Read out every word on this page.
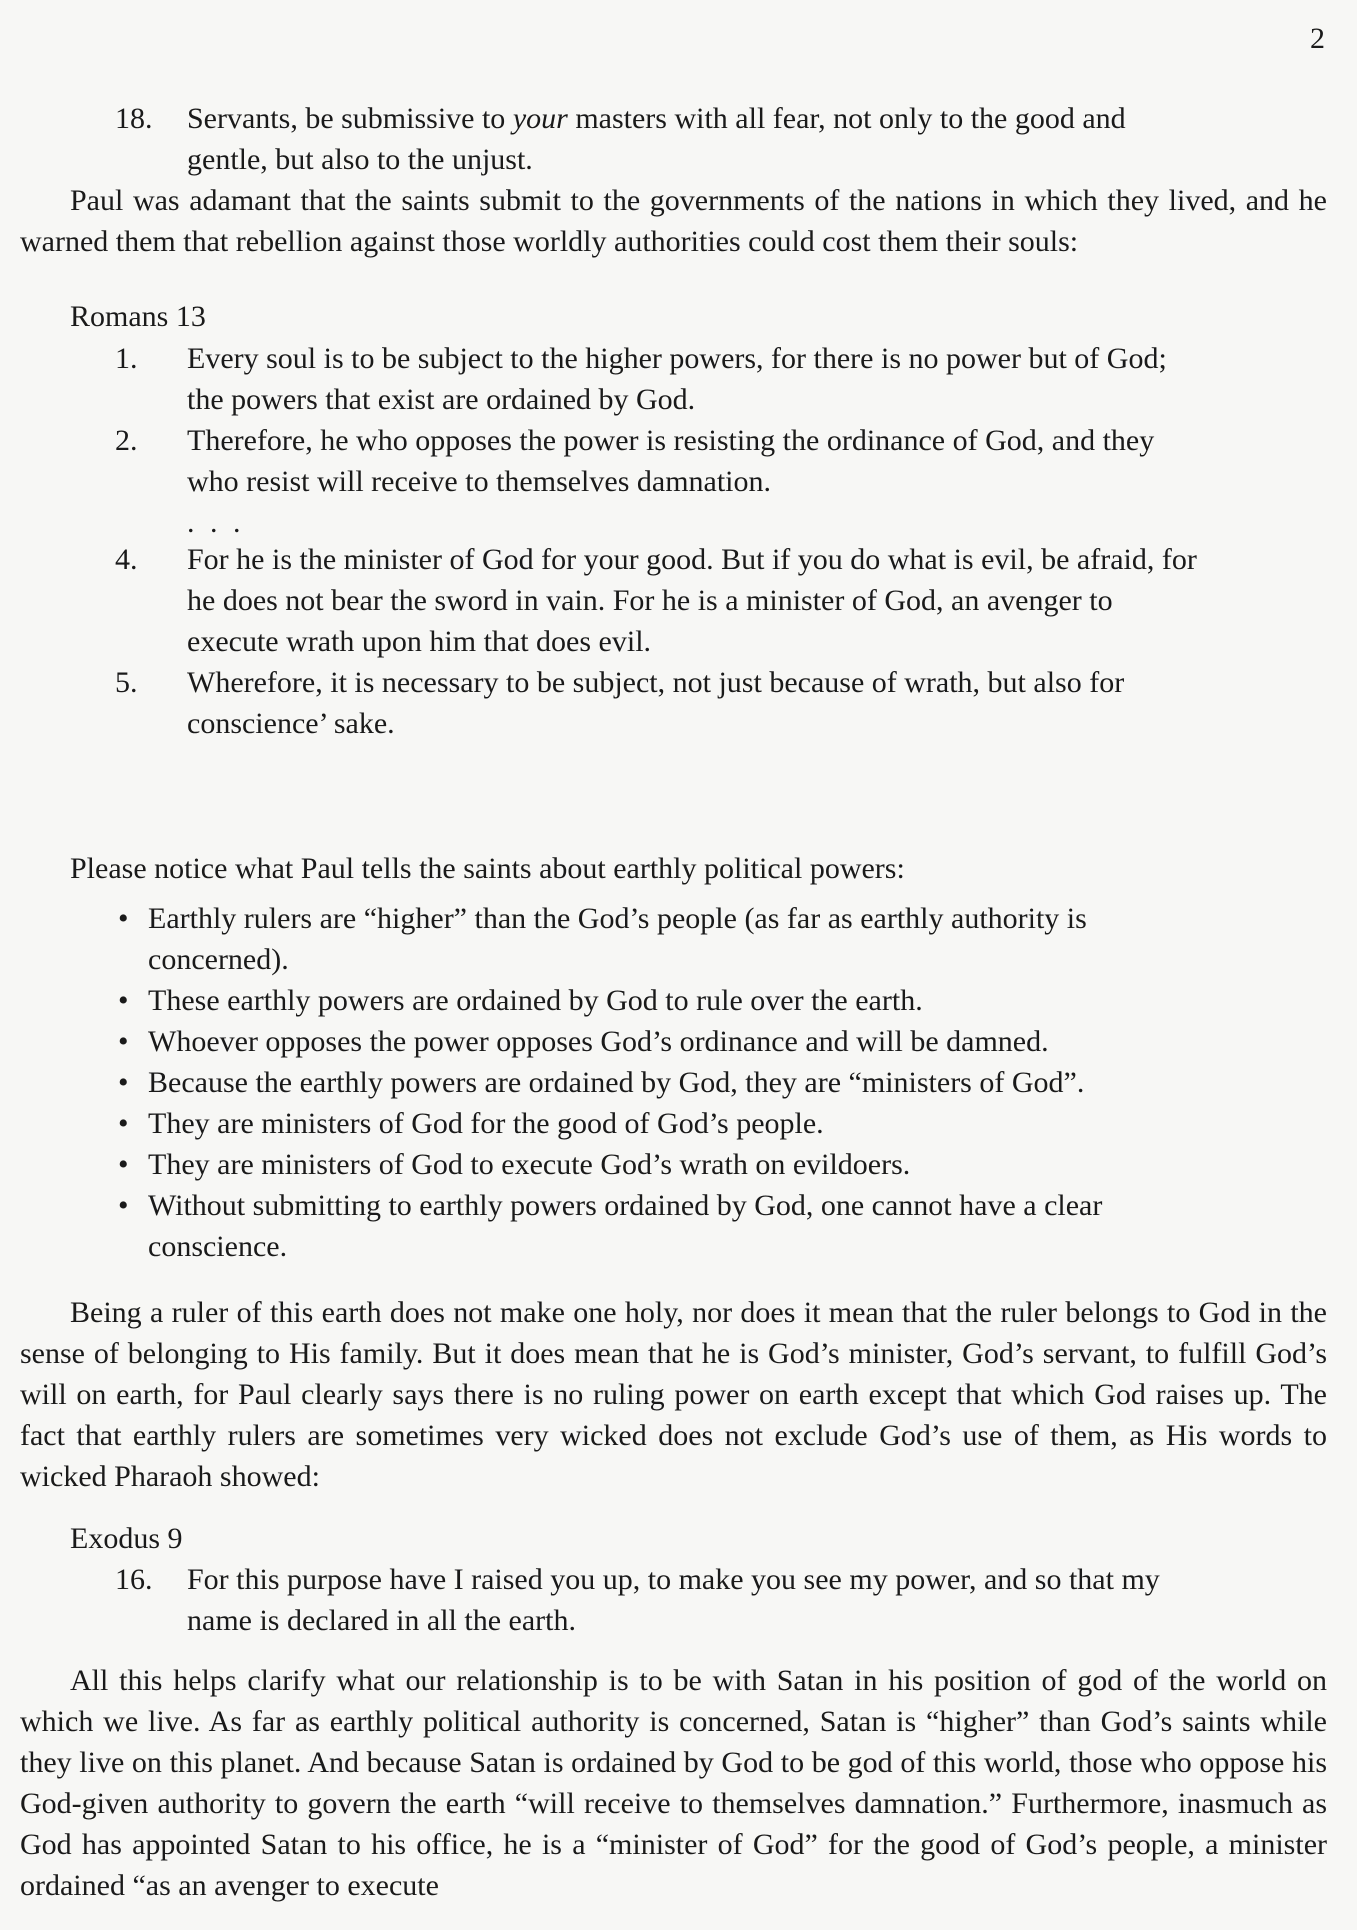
2
18.	Servants, be submissive to your masters with all fear, not only to the good and gentle, but also to the unjust.

Paul was adamant that the saints submit to the governments of the nations in which they lived, and he warned them that rebellion against those worldly authorities could cost them their souls:

Romans 13

1.	Every soul is to be subject to the higher powers, for there is no power but of God; the powers that exist are ordained by God.
2.	Therefore, he who opposes the power is resisting the ordinance of God, and they who resist will receive to themselves damnation.

. . .

4.	For he is the minister of God for your good. But if you do what is evil, be afraid, for he does not bear the sword in vain. For he is a minister of God, an avenger to execute wrath upon him that does evil.
5.	Wherefore, it is necessary to be subject, not just because of wrath, but also for conscience’ sake.

Please notice what Paul tells the saints about earthly political powers:

• Earthly rulers are “higher” than the God’s people (as far as earthly authority is concerned).
• These earthly powers are ordained by God to rule over the earth.
• Whoever opposes the power opposes God’s ordinance and will be damned.
• Because the earthly powers are ordained by God, they are “ministers of God”.
• They are ministers of God for the good of God’s people.
• They are ministers of God to execute God’s wrath on evildoers.
• Without submitting to earthly powers ordained by God, one cannot have a clear conscience.

Being a ruler of this earth does not make one holy, nor does it mean that the ruler belongs to God in the sense of belonging to His family. But it does mean that he is God’s minister, God’s servant, to fulfill God’s will on earth, for Paul clearly says there is no ruling power on earth except that which God raises up. The fact that earthly rulers are sometimes very wicked does not exclude God’s use of them, as His words to wicked Pharaoh showed:

Exodus 9

16.	For this purpose have I raised you up, to make you see my power, and so that my name is declared in all the earth.

All this helps clarify what our relationship is to be with Satan in his position of god of the world on which we live. As far as earthly political authority is concerned, Satan is “higher” than God’s saints while they live on this planet. And because Satan is ordained by God to be god of this world, those who oppose his God-given authority to govern the earth “will receive to themselves damnation.” Furthermore, inasmuch as God has appointed Satan to his office, he is a “minister of God” for the good of God’s people, a minister ordained “as an avenger to execute
